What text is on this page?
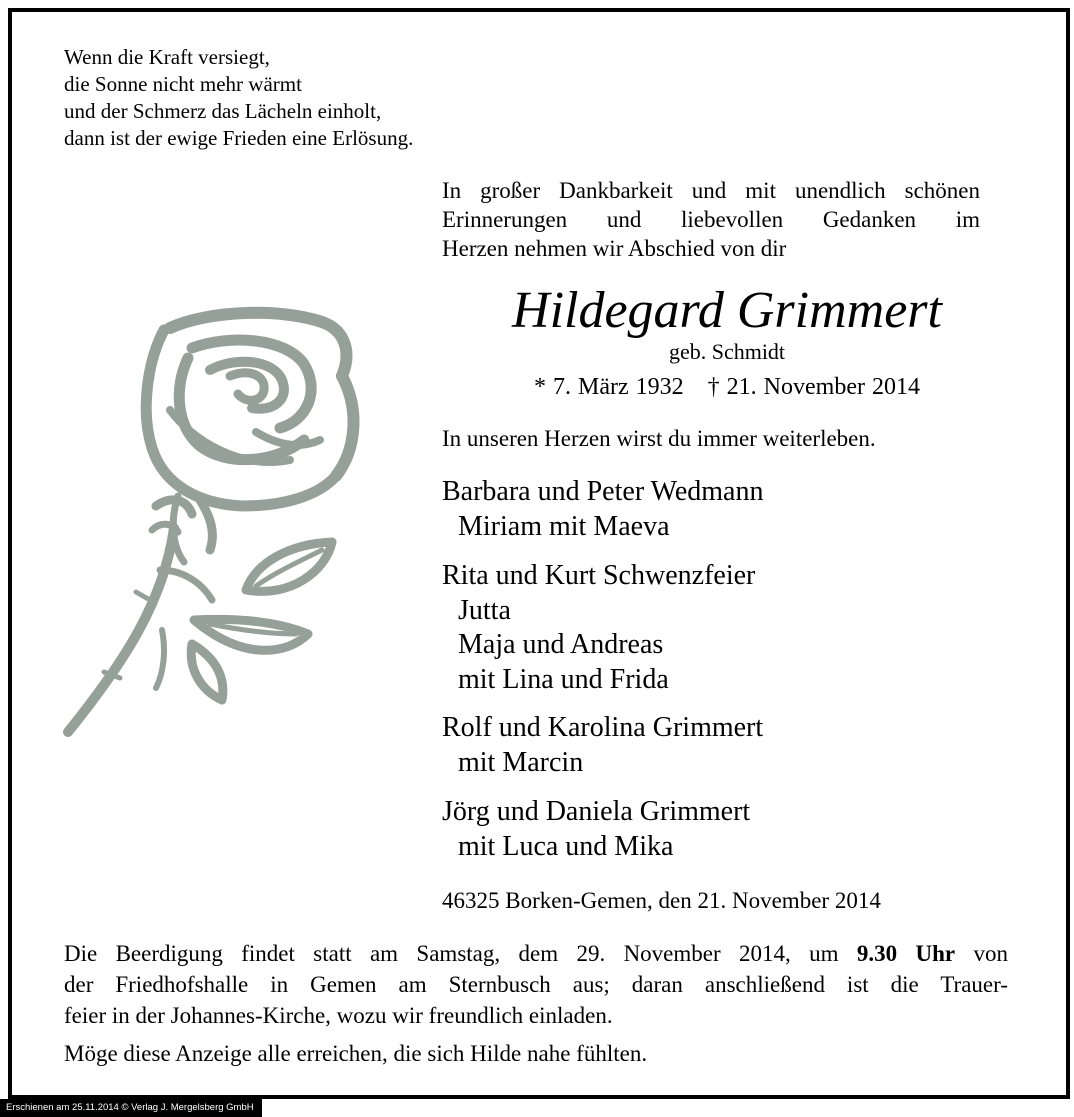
Wenn die Kraft versiegt,
die Sonne nicht mehr wärmt
und der Schmerz das Lächeln einholt,
dann ist der ewige Frieden eine Erlösung.
In großer Dankbarkeit und mit unendlich schönen
Erinnerungen und liebevollen Gedanken im
Herzen nehmen wir Abschied von dir
Hildegard Grimmert
geb. Schmidt
* 7. März 1932 † 21. November 2014
In unseren Herzen wirst du immer weiterleben.
Barbara und Peter Wedmann
Miriam mit Maeva
Rita und Kurt Schwenzfeier
Jutta
Maja und Andreas
mit Lina und Frida
Rolf und Karolina Grimmert
mit Marcin
Jörg und Daniela Grimmert
mit Luca und Mika
46325 Borken-Gemen, den 21. November 2014
Die Beerdigung findet statt am Samstag, dem 29. November 2014, um 9.30 Uhr von
der Friedhofshalle in Gemen am Sternbusch aus; daran anschließend ist die Trauer-
feier in der Johannes-Kirche, wozu wir freundlich einladen.
Möge diese Anzeige alle erreichen, die sich Hilde nahe fühlten.
Erschienen am 25.11.2014 © Verlag J. Mergelsberg GmbH
